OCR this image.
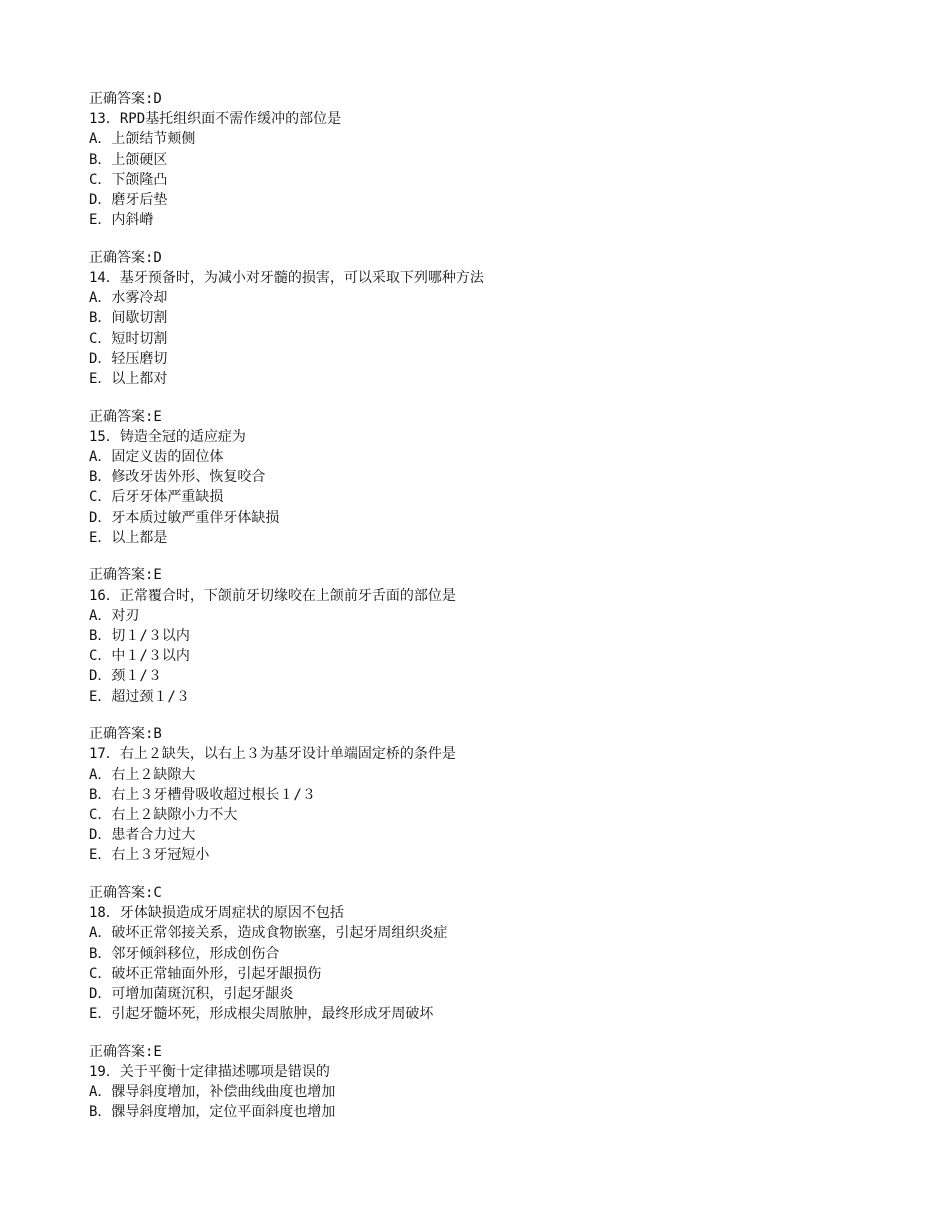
正确答案:D
13．RPD基托组织面不需作缓冲的部位是
A．上颌结节颊侧
B．上颌硬区
C．下颌隆凸
D．磨牙后垫
E．内斜嵴
正确答案:D
14．基牙预备时，为减小对牙髓的损害，可以采取下列哪种方法
A．水雾冷却
B．间歇切割
C．短时切割
D．轻压磨切
E．以上都对
正确答案:E
15．铸造全冠的适应症为
A．固定义齿的固位体
B．修改牙齿外形、恢复咬合
C．后牙牙体严重缺损
D．牙本质过敏严重伴牙体缺损
E．以上都是
正确答案:E
16．正常覆合时，下颌前牙切缘咬在上颌前牙舌面的部位是
A．对刃
B．切１/３以内
C．中１/３以内
D．颈１/３
E．超过颈１/３
正确答案:B
17．右上２缺失，以右上３为基牙设计单端固定桥的条件是
A．右上２缺隙大
B．右上３牙槽骨吸收超过根长１/３
C．右上２缺隙小力不大
D．患者合力过大
E．右上３牙冠短小
正确答案:C
18．牙体缺损造成牙周症状的原因不包括
A．破坏正常邻接关系，造成食物嵌塞，引起牙周组织炎症
B．邻牙倾斜移位，形成创伤合
C．破坏正常轴面外形，引起牙龈损伤
D．可增加菌斑沉积，引起牙龈炎
E．引起牙髓坏死，形成根尖周脓肿，最终形成牙周破坏
正确答案:E
19．关于平衡十定律描述哪项是错误的
A．髁导斜度增加，补偿曲线曲度也增加
B．髁导斜度增加，定位平面斜度也增加
